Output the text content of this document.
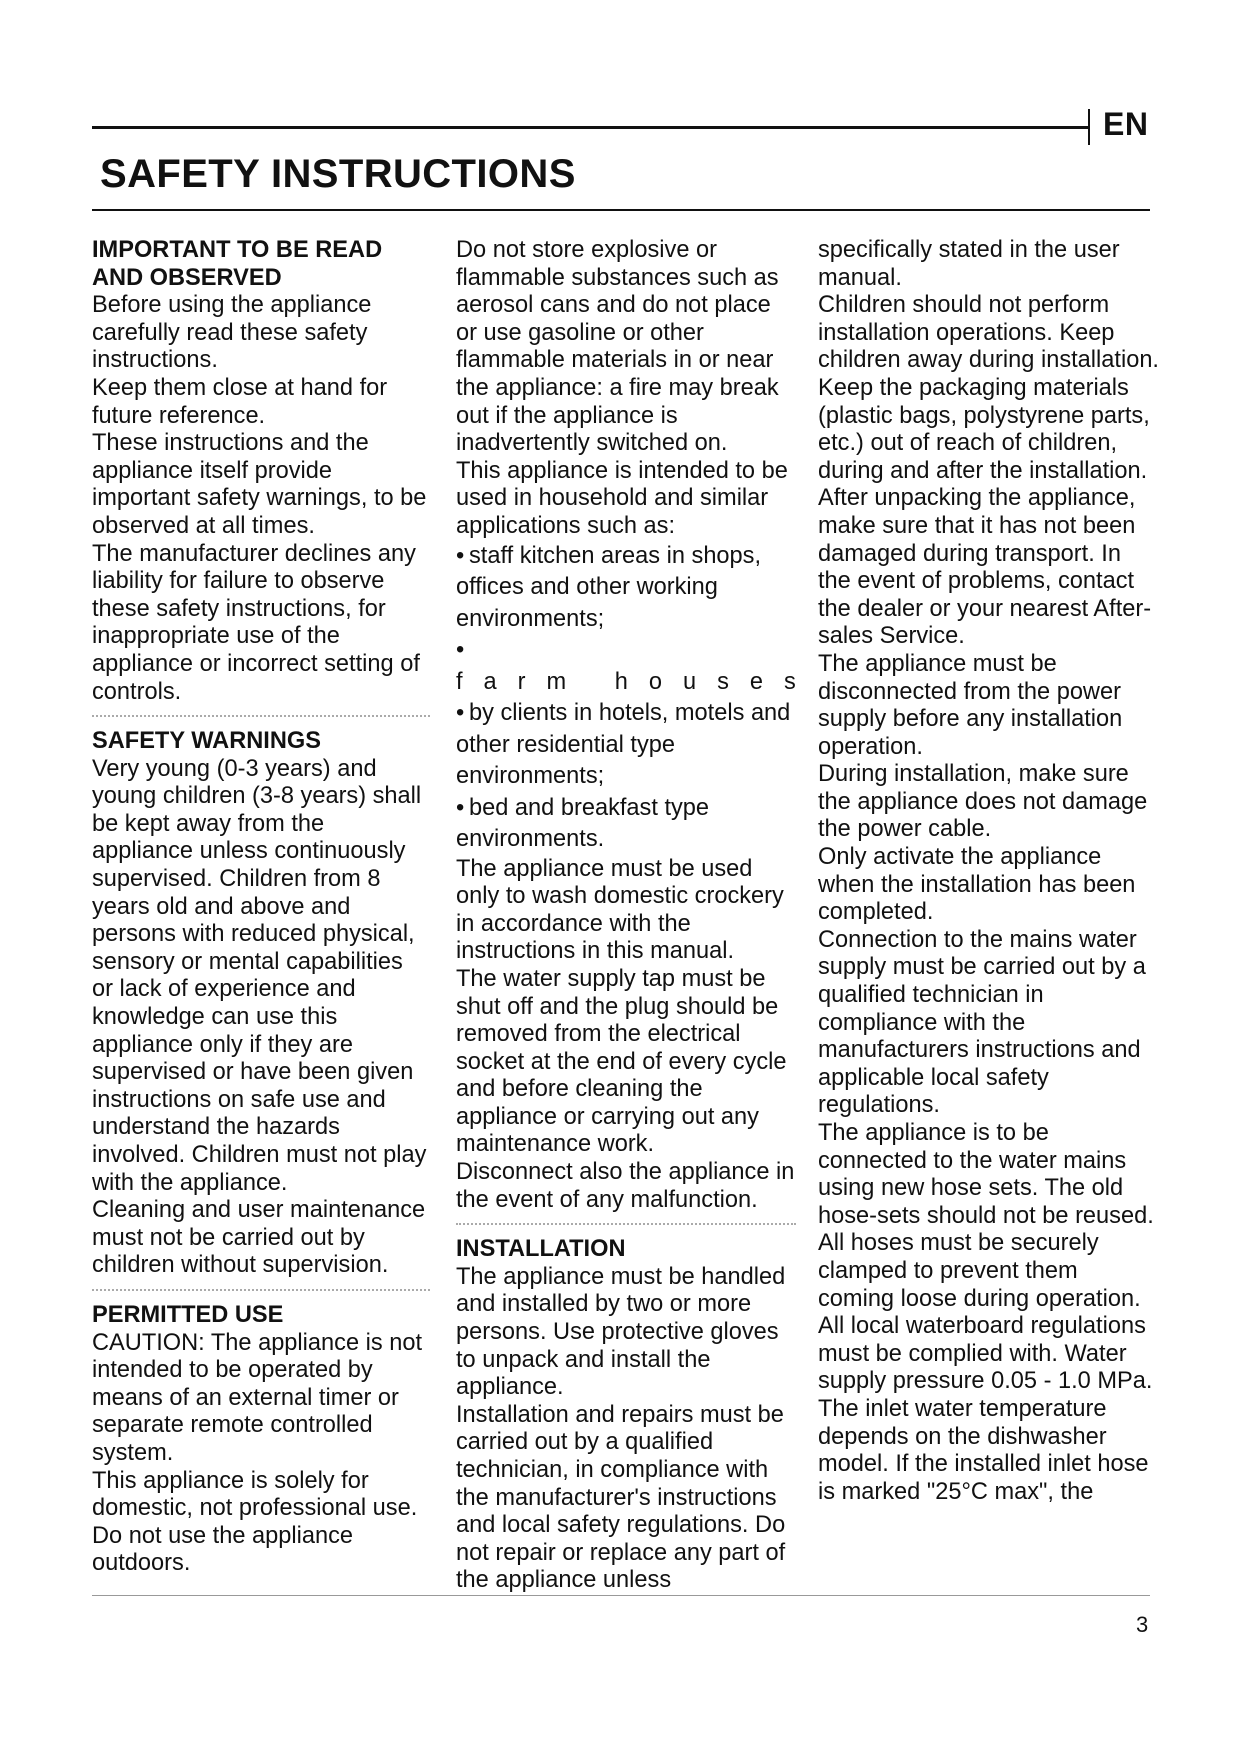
EN
SAFETY INSTRUCTIONS

IMPORTANT TO BE READ AND OBSERVED

Before using the appliance carefully read these safety instructions.

Keep them close at hand for future reference.

These instructions and the appliance itself provide important safety warnings, to be observed at all times.

The manufacturer declines any liability for failure to observe these safety instructions, for inappropriate use of the appliance or incorrect setting of controls.

SAFETY WARNINGS

Very young (0-3 years) and young children (3-8 years) shall be kept away from the appliance unless continuously supervised. Children from 8 years old and above and persons with reduced physical, sensory or mental capabilities or lack of experience and knowledge can use this appliance only if they are supervised or have been given instructions on safe use and understand the hazards involved. Children must not play with the appliance.

Cleaning and user maintenance must not be carried out by children without supervision.

PERMITTED USE

CAUTION: The appliance is not intended to be operated by means of an external timer or separate remote controlled system.

This appliance is solely for domestic, not professional use.

Do not use the appliance outdoors.

Do not store explosive or flammable substances such as aerosol cans and do not place or use gasoline or other flammable materials in or near the appliance: a fire may break out if the appliance is inadvertently switched on.

This appliance is intended to be used in household and similar applications such as:

• staff kitchen areas in shops, offices and other working environments;
•farm houses
• by clients in hotels, motels and other residential type environments;
• bed and breakfast type environments.

The appliance must be used only to wash domestic crockery in accordance with the instructions in this manual.

The water supply tap must be shut off and the plug should be removed from the electrical socket at the end of every cycle and before cleaning the appliance or carrying out any maintenance work.

Disconnect also the appliance in the event of any malfunction.

INSTALLATION

The appliance must be handled and installed by two or more persons. Use protective gloves to unpack and install the appliance.

Installation and repairs must be carried out by a qualified technician, in compliance with the manufacturer's instructions and local safety regulations. Do not repair or replace any part of the appliance unless

specifically stated in the user manual.

Children should not perform installation operations. Keep children away during installation. Keep the packaging materials (plastic bags, polystyrene parts, etc.) out of reach of children, during and after the installation.

After unpacking the appliance, make sure that it has not been damaged during transport. In the event of problems, contact the dealer or your nearest After-sales Service.

The appliance must be disconnected from the power supply before any installation operation.

During installation, make sure the appliance does not damage the power cable.

Only activate the appliance when the installation has been completed.

Connection to the mains water supply must be carried out by a qualified technician in compliance with the manufacturers instructions and applicable local safety regulations.

The appliance is to be connected to the water mains using new hose sets. The old hose-sets should not be reused.

All hoses must be securely clamped to prevent them coming loose during operation.

All local waterboard regulations must be complied with. Water supply pressure 0.05 - 1.0 MPa.

The inlet water temperature depends on the dishwasher model. If the installed inlet hose is marked "25°C max", the

3
